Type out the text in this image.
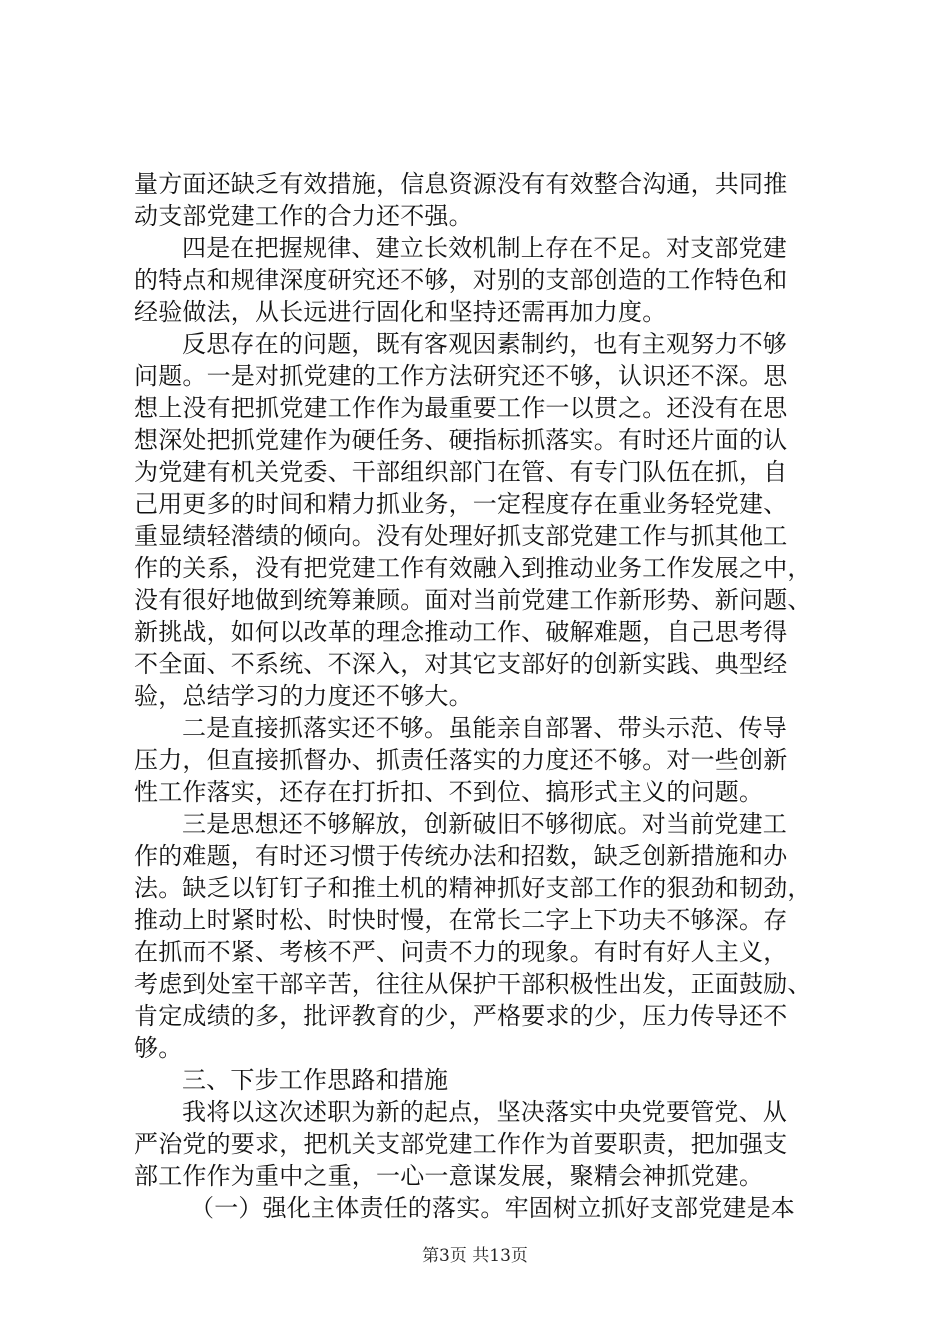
量方面还缺乏有效措施，信息资源没有有效整合沟通，共同推
动支部党建工作的合力还不强。
四是在把握规律、建立长效机制上存在不足。对支部党建
的特点和规律深度研究还不够，对别的支部创造的工作特色和
经验做法，从长远进行固化和坚持还需再加力度。
反思存在的问题，既有客观因素制约，也有主观努力不够
问题。一是对抓党建的工作方法研究还不够，认识还不深。思
想上没有把抓党建工作作为最重要工作一以贯之。还没有在思
想深处把抓党建作为硬任务、硬指标抓落实。有时还片面的认
为党建有机关党委、干部组织部门在管、有专门队伍在抓，自
己用更多的时间和精力抓业务，一定程度存在重业务轻党建、
重显绩轻潜绩的倾向。没有处理好抓支部党建工作与抓其他工
作的关系，没有把党建工作有效融入到推动业务工作发展之中，
没有很好地做到统筹兼顾。面对当前党建工作新形势、新问题、
新挑战，如何以改革的理念推动工作、破解难题，自己思考得
不全面、不系统、不深入，对其它支部好的创新实践、典型经
验，总结学习的力度还不够大。
二是直接抓落实还不够。虽能亲自部署、带头示范、传导
压力，但直接抓督办、抓责任落实的力度还不够。对一些创新
性工作落实，还存在打折扣、不到位、搞形式主义的问题。
三是思想还不够解放，创新破旧不够彻底。对当前党建工
作的难题，有时还习惯于传统办法和招数，缺乏创新措施和办
法。缺乏以钉钉子和推土机的精神抓好支部工作的狠劲和韧劲，
推动上时紧时松、时快时慢，在常长二字上下功夫不够深。存
在抓而不紧、考核不严、问责不力的现象。有时有好人主义，
考虑到处室干部辛苦，往往从保护干部积极性出发，正面鼓励、
肯定成绩的多，批评教育的少，严格要求的少，压力传导还不
够。
三、下步工作思路和措施
我将以这次述职为新的起点，坚决落实中央党要管党、从
严治党的要求，把机关支部党建工作作为首要职责，把加强支
部工作作为重中之重，一心一意谋发展，聚精会神抓党建。
（一）强化主体责任的落实。牢固树立抓好支部党建是本
第3页 共13页
